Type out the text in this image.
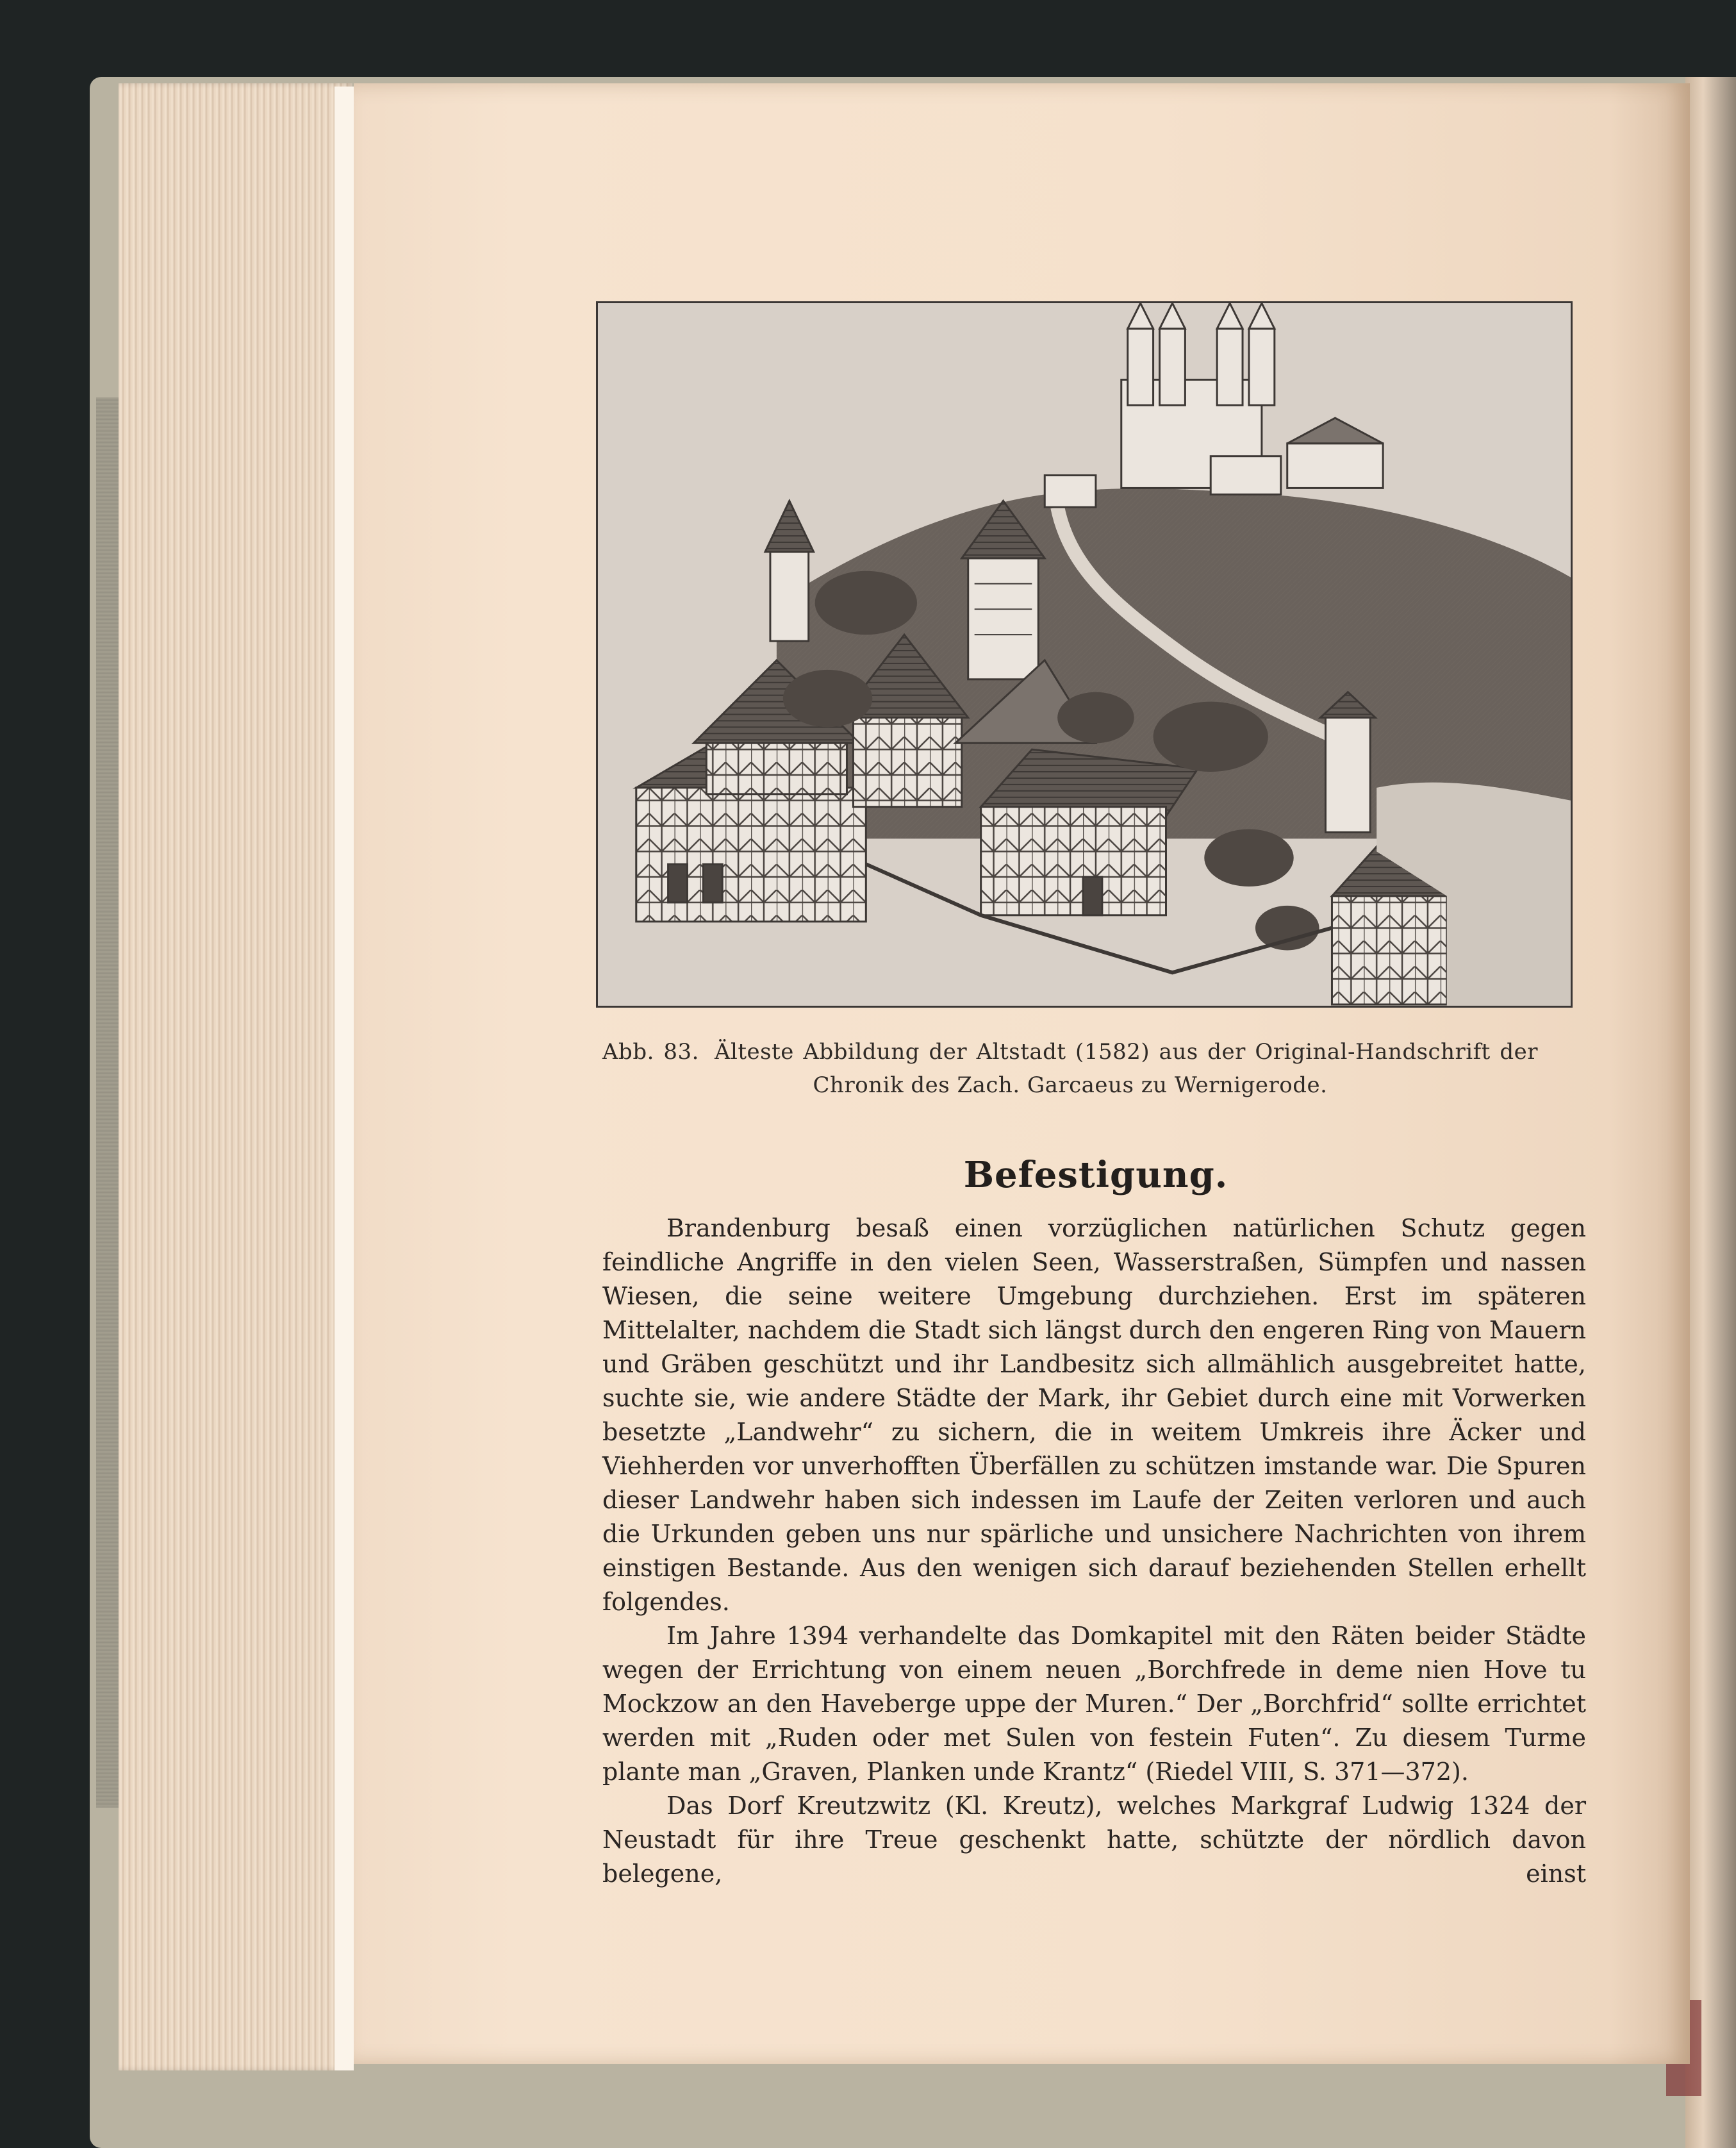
Abb. 83. Älteste Abbildung der Altstadt (1582) aus der Original-Handschrift der Chronik des Zach. Garcaeus zu Wernigerode.
Befestigung.

Brandenburg besaß einen vorzüglichen natürlichen Schutz gegen feindliche Angriffe in den vielen Seen, Wasserstraßen, Sümpfen und nassen Wiesen, die seine weitere Umgebung durchziehen. Erst im späteren Mittelalter, nachdem die Stadt sich längst durch den engeren Ring von Mauern und Gräben geschützt und ihr Landbesitz sich allmählich ausgebreitet hatte, suchte sie, wie andere Städte der Mark, ihr Gebiet durch eine mit Vorwerken besetzte „Landwehr“ zu sichern, die in weitem Umkreis ihre Äcker und Viehherden vor unverhofften Überfällen zu schützen imstande war. Die Spuren dieser Landwehr haben sich indessen im Laufe der Zeiten verloren und auch die Urkunden geben uns nur spärliche und unsichere Nachrichten von ihrem einstigen Bestande. Aus den wenigen sich darauf beziehenden Stellen erhellt folgendes.

Im Jahre 1394 verhandelte das Domkapitel mit den Räten beider Städte wegen der Errichtung von einem neuen „Borchfrede in deme nien Hove tu Mockzow an den Haveberge uppe der Muren.“ Der „Borchfrid“ sollte errichtet werden mit „Ruden oder met Sulen von festein Futen“. Zu diesem Turme plante man „Graven, Planken unde Krantz“ (Riedel VIII, S. 371—372).

Das Dorf Kreutzwitz (Kl. Kreutz), welches Markgraf Ludwig 1324 der Neustadt für ihre Treue geschenkt hatte, schützte der nördlich davon belegene, einst
